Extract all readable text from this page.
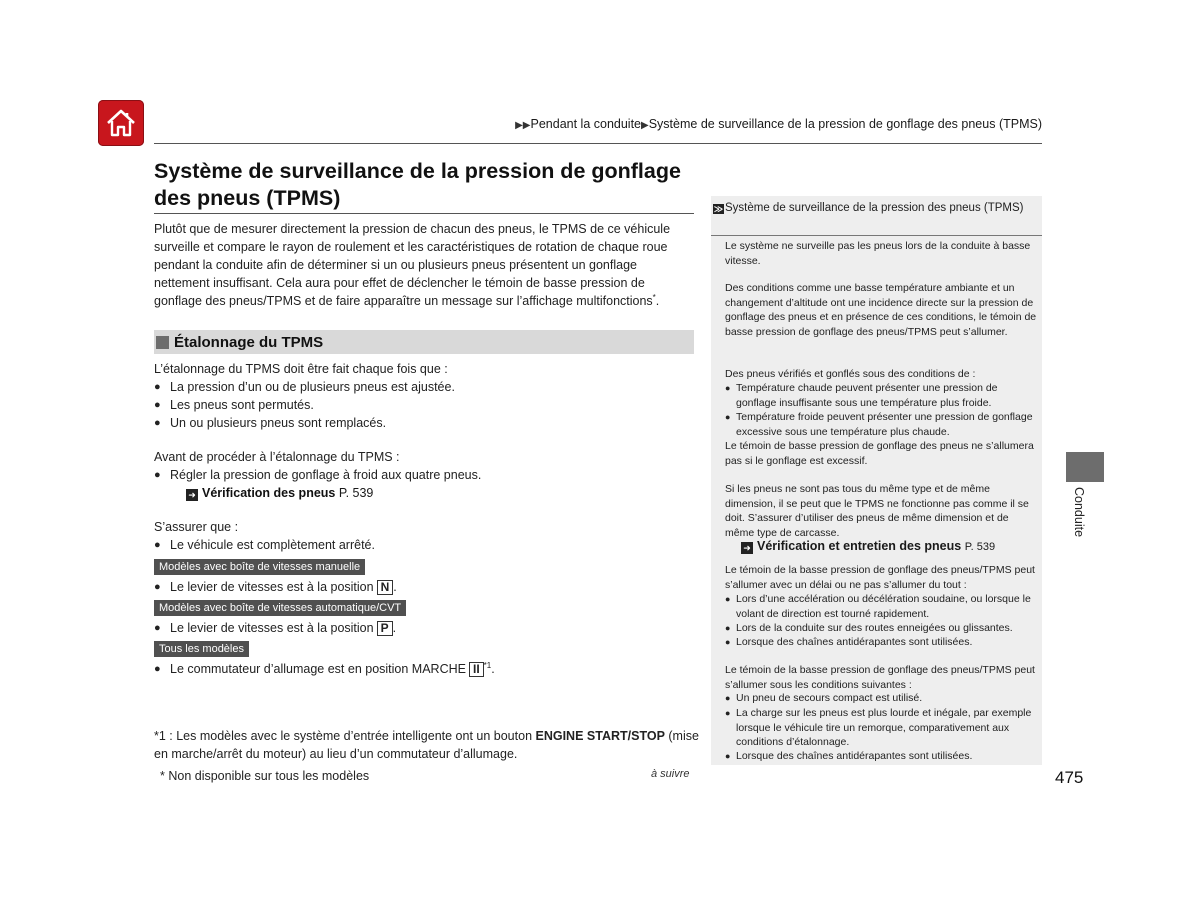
▶▶Pendant la conduite▶Système de surveillance de la pression de gonflage des pneus (TPMS)
Système de surveillance de la pression de gonflage des pneus (TPMS)
Plutôt que de mesurer directement la pression de chacun des pneus, le TPMS de ce véhicule surveille et compare le rayon de roulement et les caractéristiques de rotation de chaque roue pendant la conduite afin de déterminer si un ou plusieurs pneus présentent un gonflage nettement insuffisant. Cela aura pour effet de déclencher le témoin de basse pression de gonflage des pneus/TPMS et de faire apparaître un message sur l’affichage multifonctions*.
Étalonnage du TPMS
L’étalonnage du TPMS doit être fait chaque fois que :
● La pression d’un ou de plusieurs pneus est ajustée.
● Les pneus sont permutés.
● Un ou plusieurs pneus sont remplacés.
Avant de procéder à l’étalonnage du TPMS :
● Régler la pression de gonflage à froid aux quatre pneus.
➜ Vérification des pneus P. 539
S’assurer que :
● Le véhicule est complètement arrêté.
Modèles avec boîte de vitesses manuelle
● Le levier de vitesses est à la position N .
Modèles avec boîte de vitesses automatique/CVT
● Le levier de vitesses est à la position P .
Tous les modèles
● Le commutateur d’allumage est en position MARCHE II $^{*1}$.
*1 : Les modèles avec le système d’entrée intelligente ont un bouton ENGINE START/STOP (mise en marche/arrêt du moteur) au lieu d’un commutateur d’allumage.
* Non disponible sur tous les modèles	à suivre	475
Conduite
≫ Système de surveillance de la pression des pneus (TPMS)
Le système ne surveille pas les pneus lors de la conduite à basse vitesse.
Des conditions comme une basse température ambiante et un changement d’altitude ont une incidence directe sur la pression de gonflage des pneus et en présence de ces conditions, le témoin de basse pression de gonflage des pneus/TPMS peut s’allumer.
Des pneus vérifiés et gonflés sous des conditions de :
● Température chaude peuvent présenter une pression de gonflage insuffisante sous une température plus froide.
● Température froide peuvent présenter une pression de gonflage excessive sous une température plus chaude.
Le témoin de basse pression de gonflage des pneus ne s’allumera pas si le gonflage est excessif.
Si les pneus ne sont pas tous du même type et de même dimension, il se peut que le TPMS ne fonctionne pas comme il se doit. S’assurer d’utiliser des pneus de même dimension et de même type de carcasse.
➜ Vérification et entretien des pneus P. 539
Le témoin de la basse pression de gonflage des pneus/TPMS peut s’allumer avec un délai ou ne pas s’allumer du tout :
● Lors d’une accélération ou décélération soudaine, ou lorsque le volant de direction est tourné rapidement.
● Lors de la conduite sur des routes enneigées ou glissantes.
● Lorsque des chaînes antidérapantes sont utilisées.
Le témoin de la basse pression de gonflage des pneus/TPMS peut s’allumer sous les conditions suivantes :
● Un pneu de secours compact est utilisé.
● La charge sur les pneus est plus lourde et inégale, par exemple lorsque le véhicule tire un remorque, comparativement aux conditions d’étalonnage.
● Lorsque des chaînes antidérapantes sont utilisées.
